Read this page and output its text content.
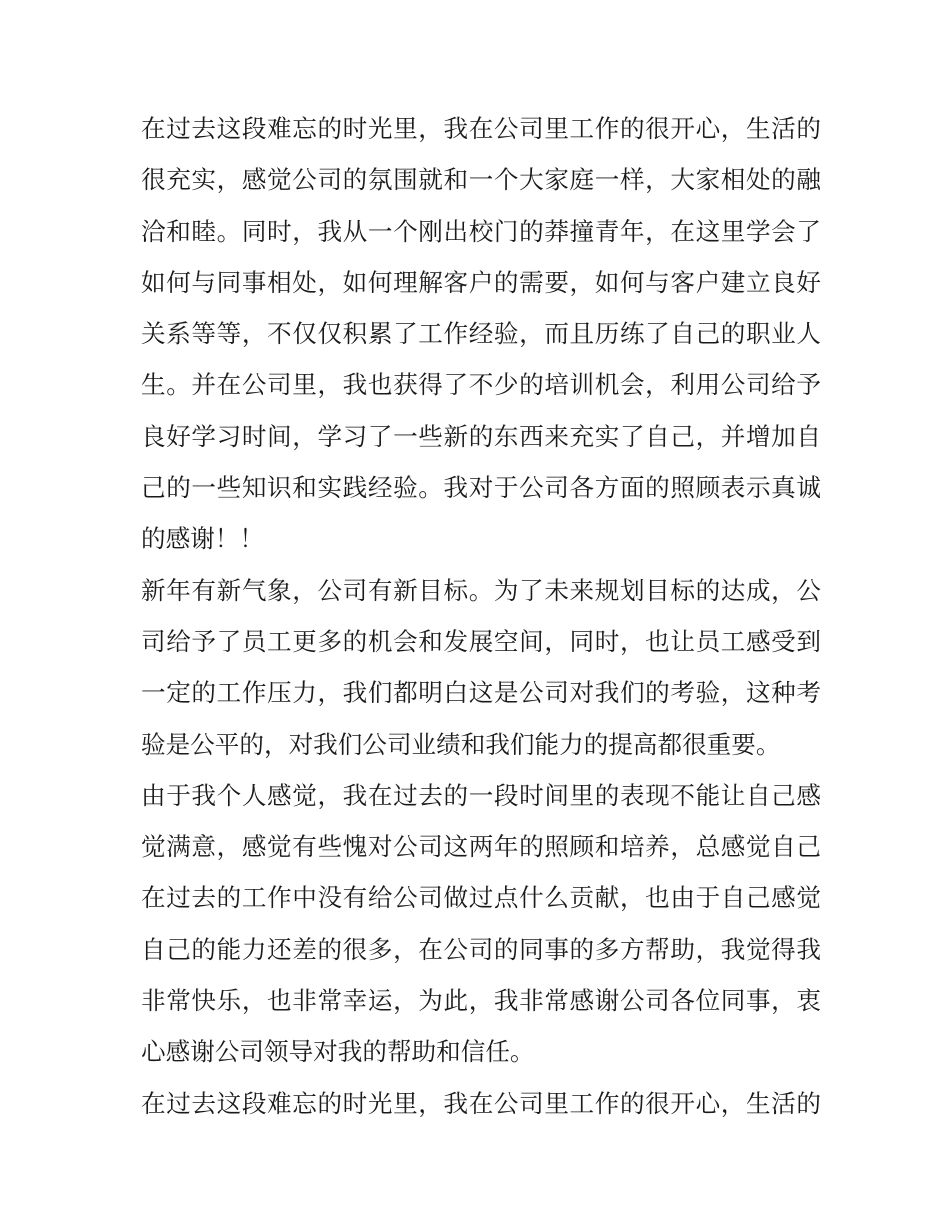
在过去这段难忘的时光里，我在公司里工作的很开心，生活的
很充实，感觉公司的氛围就和一个大家庭一样，大家相处的融
洽和睦。同时，我从一个刚出校门的莽撞青年，在这里学会了
如何与同事相处，如何理解客户的需要，如何与客户建立良好
关系等等，不仅仅积累了工作经验，而且历练了自己的职业人
生。并在公司里，我也获得了不少的培训机会，利用公司给予
良好学习时间，学习了一些新的东西来充实了自己，并增加自
己的一些知识和实践经验。我对于公司各方面的照顾表示真诚
的感谢！！
新年有新气象，公司有新目标。为了未来规划目标的达成，公
司给予了员工更多的机会和发展空间，同时，也让员工感受到
一定的工作压力，我们都明白这是公司对我们的考验，这种考
验是公平的，对我们公司业绩和我们能力的提高都很重要。
由于我个人感觉，我在过去的一段时间里的表现不能让自己感
觉满意，感觉有些愧对公司这两年的照顾和培养，总感觉自己
在过去的工作中没有给公司做过点什么贡献，也由于自己感觉
自己的能力还差的很多，在公司的同事的多方帮助，我觉得我
非常快乐，也非常幸运，为此，我非常感谢公司各位同事，衷
心感谢公司领导对我的帮助和信任。
在过去这段难忘的时光里，我在公司里工作的很开心，生活的
